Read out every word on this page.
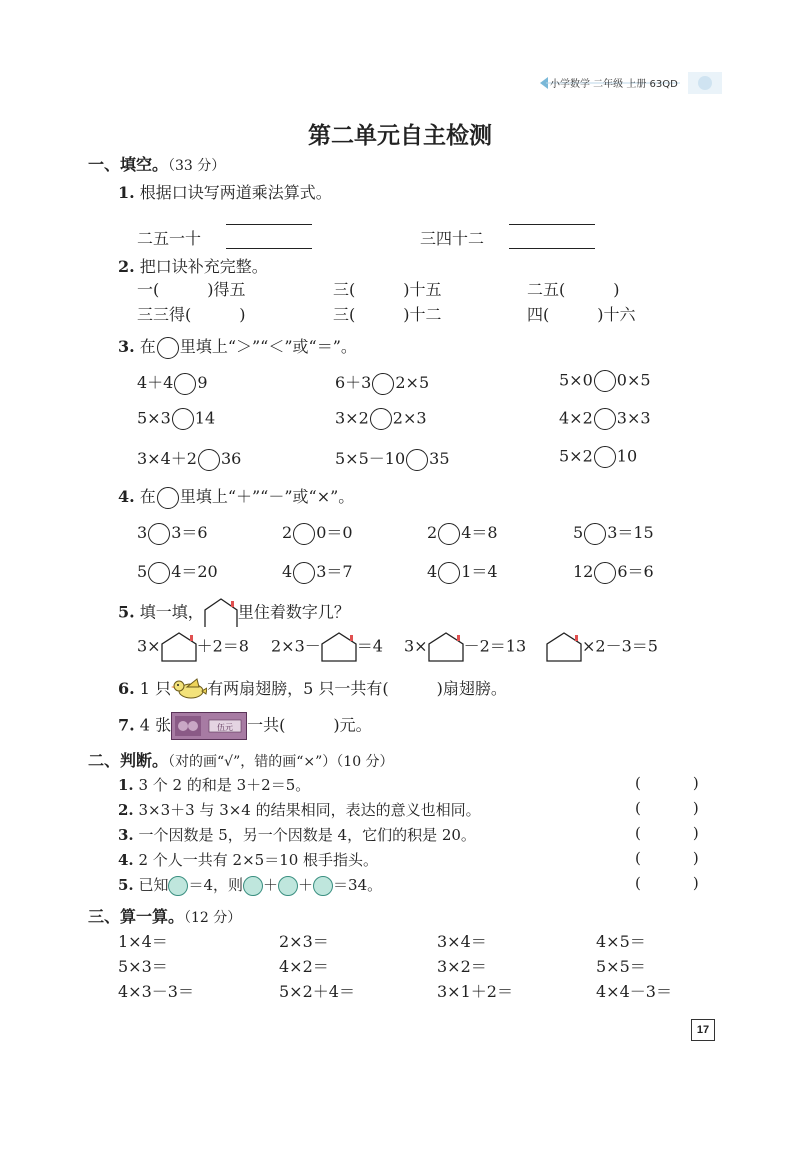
小学数学 二年级 上册 63QD
第二单元自主检测
一、填空。（33 分）
1. 根据口诀写两道乘法算式。
二五一十	三四十二
2. 把口诀补充完整。
一(　　　)得五	三(　　　)十五	二五(　　　)
三三得(　　　)	三(　　　)十二	四(　　　)十六
3. 在 里填上“＞”“＜”或“＝”。
4＋4 9	6＋3 2×5	5×0 0×5
5×3 14	3×2 2×3	4×2 3×3
3×4＋2 36	5×5－10 35	5×2 10
4. 在 里填上“＋”“－”或“×”。
3 3＝6	2 0＝0	2 4＝8	5 3＝15
5 4＝20	4 3＝7	4 1＝4	12 6＝6
5. 填一填， 里住着数字几？
3× ＋2＝8 2×3－ ＝4 3× －2＝13	×2－3＝5
6. 1 只 有两扇翅膀，5 只一共有(　　　)扇翅膀。
7. 4 张	伍元 一共(　　　)元。
二、判断。（对的画“√”，错的画“×”）（10 分）
1. 3 个 2 的和是 3＋2＝5。
2. 3×3＋3 与 3×4 的结果相同，表达的意义也相同。
3. 一个因数是 5，另一个因数是 4，它们的积是 20。
4. 2 个人一共有 2×5＝10 根手指头。
5. 已知 ＝4，则 ＋ ＋ ＝34。
(	)
(	)
(	)
(	)
(	)
三、算一算。（12 分）
1×4＝	2×3＝	3×4＝	4×5＝
5×3＝	4×2＝	3×2＝	5×5＝
4×3－3＝	5×2＋4＝	3×1＋2＝	4×4－3＝
17
